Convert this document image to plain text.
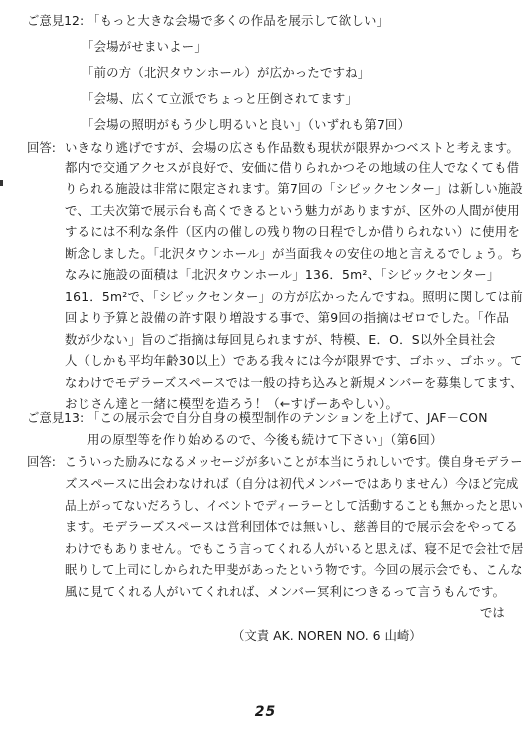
ご意見12: 「もっと大きな会場で多くの作品を展示して欲しい」
「会場がせまいよー」
「前の方（北沢タウンホール）が広かったですね」
「会場、広くて立派でちょっと圧倒されてます」
「会場の照明がもう少し明るいと良い」（いずれも第7回）
回答: いきなり逃げですが、会場の広さも作品数も現状が限界かつベストと考えます。
都内で交通アクセスが良好で、安価に借りられかつその地域の住人でなくても借
りられる施設は非常に限定されます。第7回の「シビックセンター」は新しい施設
で、工夫次第で展示台も高くできるという魅力がありますが、区外の人間が使用
するには不利な条件（区内の催しの残り物の日程でしか借りられない）に使用を
断念しました。「北沢タウンホール」が当面我々の安住の地と言えるでしょう。ち
なみに施設の面積は「北沢タウンホール」136．5m²、「シビックセンター」
161．5m²で、「シビックセンター」の方が広かったんですね。照明に関しては前
回より予算と設備の許す限り増設する事で、第9回の指摘はゼロでした。「作品
数が少ない」旨のご指摘は毎回見られますが、特模、E．O．S以外全員社会
人（しかも平均年齢30以上）である我々には今が限界です、ゴホッ、ゴホッ。て
なわけでモデラーズスペースでは一般の持ち込みと新規メンバーを募集してます、
おじさん達と一緒に模型を造ろう！（←すげーあやしい）。
ご意見13: 「この展示会で自分自身の模型制作のテンションを上げて、JAF－CON
用の原型等を作り始めるので、今後も続けて下さい」（第6回）
回答: こういった励みになるメッセージが多いことが本当にうれしいです。僕自身モデラー
ズスペースに出会わなければ（自分は初代メンバーではありません）今ほど完成
品上がってないだろうし、イベントでディーラーとして活動することも無かったと思い
ます。モデラーズスペースは営利団体では無いし、慈善目的で展示会をやってる
わけでもありません。でもこう言ってくれる人がいると思えば、寝不足で会社で居
眠りして上司にしかられた甲斐があったという物です。今回の展示会でも、こんな
風に見てくれる人がいてくれれば、メンバー冥利につきるって言うもんです。
では
（文責 AK. NOREN NO. 6 山崎）
25
